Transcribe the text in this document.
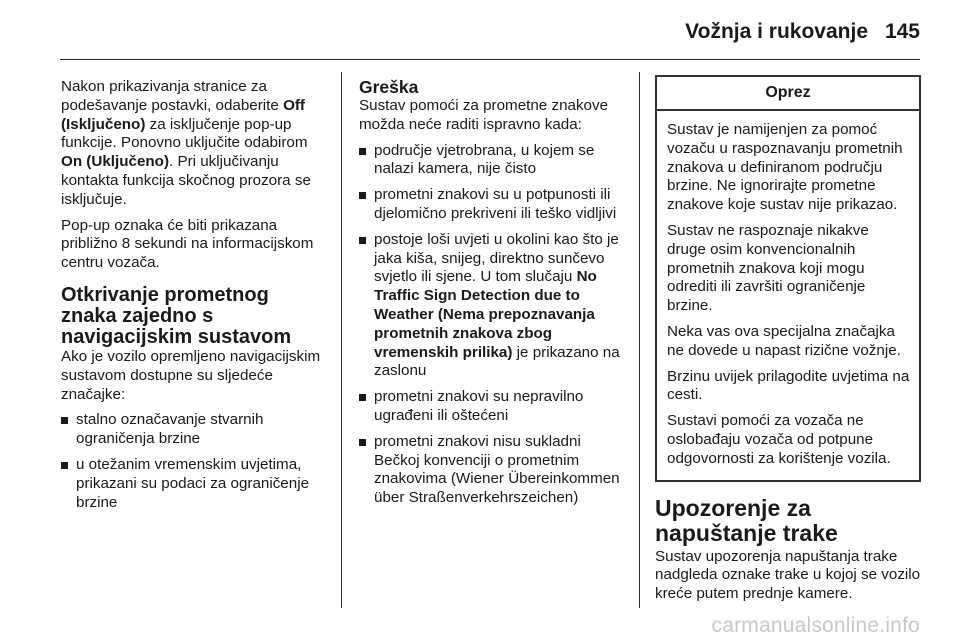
Vožnja i rukovanje 145

Nakon prikazivanja stranice za podešavanje postavki, odaberite Off (Isključeno) za isključenje pop-up funkcije. Ponovno uključite odabirom On (Uključeno). Pri uključivanju kontakta funkcija skočnog prozora se isključuje.

Pop-up oznaka će biti prikazana približno 8 sekundi na informacijskom centru vozača.

Otkrivanje prometnog znaka zajedno s navigacijskim sustavom

Ako je vozilo opremljeno navigacijskim sustavom dostupne su sljedeće značajke:

stalno označavanje stvarnih ograničenja brzine
u otežanim vremenskim uvjetima, prikazani su podaci za ograničenje brzine
Greška

Sustav pomoći za prometne znakove možda neće raditi ispravno kada:

područje vjetrobrana, u kojem se nalazi kamera, nije čisto
prometni znakovi su u potpunosti ili djelomično prekriveni ili teško vidljivi
postoje loši uvjeti u okolini kao što je jaka kiša, snijeg, direktno sunčevo svjetlo ili sjene. U tom slučaju No Traffic Sign Detection due to Weather (Nema prepoznavanja prometnih znakova zbog vremenskih prilika) je prikazano na zaslonu
prometni znakovi su nepravilno ugrađeni ili oštećeni
prometni znakovi nisu sukladni Bečkoj konvenciji o prometnim znakovima (Wiener Übereinkommen über Straßenverkehrszeichen)
Oprez

Sustav je namijenjen za pomoć vozaču u raspoznavanju prometnih znakova u definiranom području brzine. Ne ignorirajte prometne znakove koje sustav nije prikazao.

Sustav ne raspoznaje nikakve druge osim konvencionalnih prometnih znakova koji mogu odrediti ili završiti ograničenje brzine.

Neka vas ova specijalna značajka ne dovede u napast rizične vožnje.

Brzinu uvijek prilagodite uvjetima na cesti.

Sustavi pomoći za vozača ne oslobađaju vozača od potpune odgovornosti za korištenje vozila.

Upozorenje za napuštanje trake

Sustav upozorenja napuštanja trake nadgleda oznake trake u kojoj se vozilo kreće putem prednje kamere.

carmanualsonline.info
